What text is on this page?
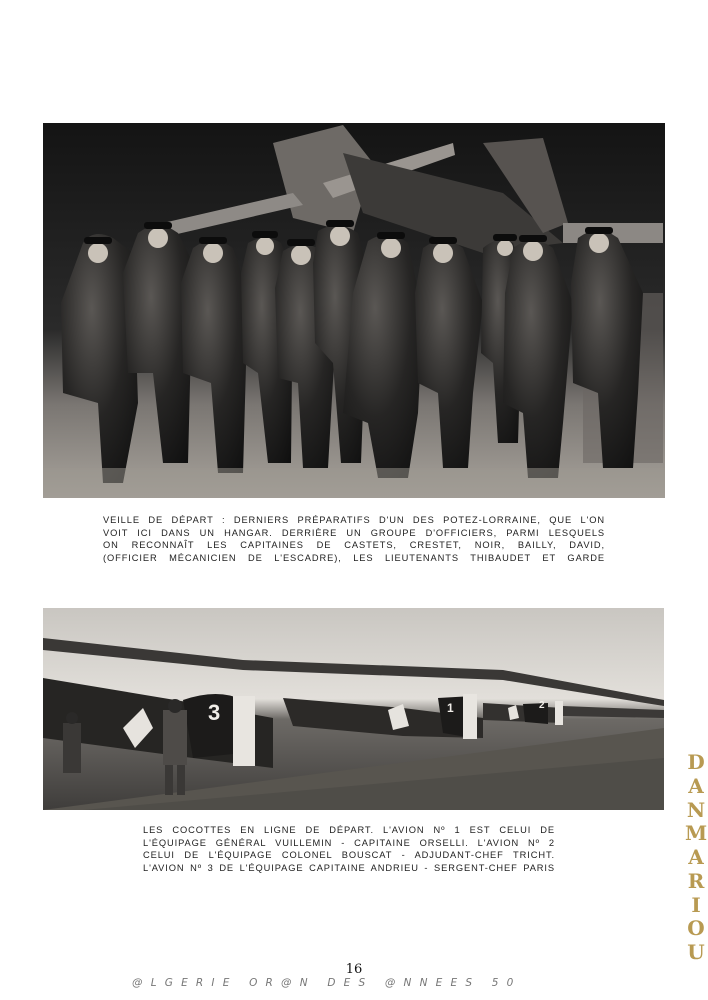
VEILLE DE DÉPART : DERNIERS PRÉPARATIFS D'UN DES POTEZ-LORRAINE, QUE L'ON
VOIT ICI DANS UN HANGAR. DERRIÈRE UN GROUPE D'OFFICIERS, PARMI LESQUELS
ON RECONNAÎT LES CAPITAINES DE CASTETS, CRESTET, NOIR, BAILLY, DAVID,
(OFFICIER MÉCANICIEN DE L'ESCADRE), LES LIEUTENANTS THIBAUDET ET GARDE

3	1	2

LES COCOTTES EN LIGNE DE DÉPART. L'AVION Nº 1 EST CELUI DE
L'ÉQUIPAGE GÉNÉRAL VUILLEMIN - CAPITAINE ORSELLI. L'AVION Nº 2
CELUI DE L'ÉQUIPAGE COLONEL BOUSCAT - ADJUDANT-CHEF TRICHT.
L'AVION Nº 3 DE L'ÉQUIPAGE CAPITAINE ANDRIEU - SERGENT-CHEF PARIS

16
@LGERIE OR@N DES @NNEES 50
D
A
N
M
A
R
I
O
U
